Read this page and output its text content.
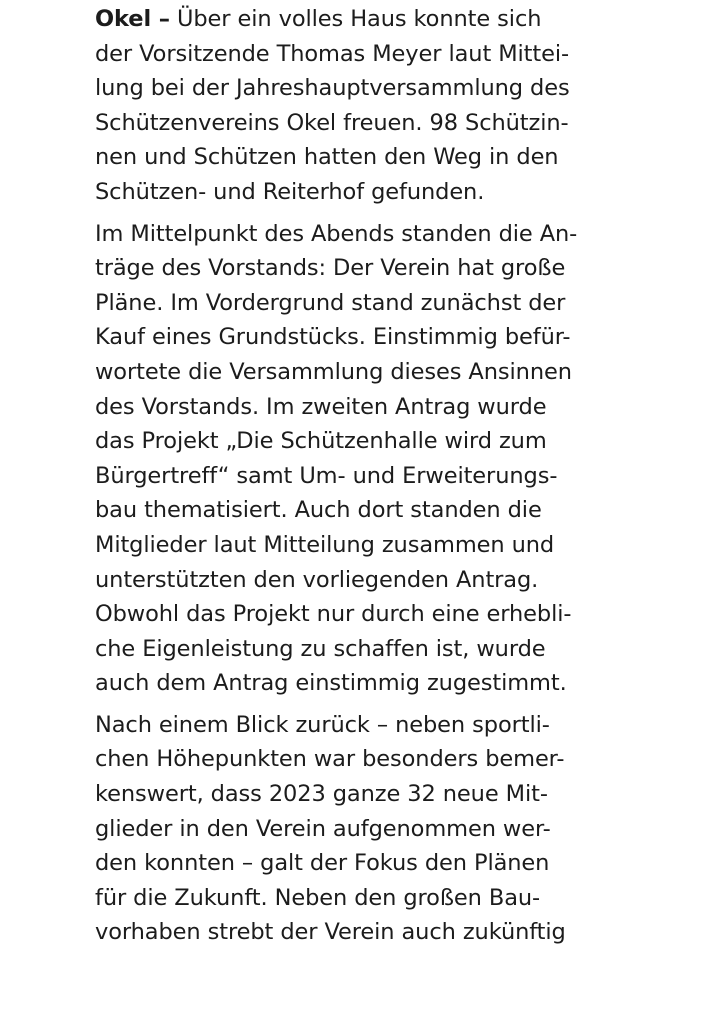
Okel – Über ein volles Haus konnte sich
der Vorsitzende Thomas Meyer laut Mittei-
lung bei der Jahreshauptversammlung des
Schützenvereins Okel freuen. 98 Schützin-
nen und Schützen hatten den Weg in den
Schützen- und Reiterhof gefunden.

Im Mittelpunkt des Abends standen die An-
träge des Vorstands: Der Verein hat große
Pläne. Im Vordergrund stand zunächst der
Kauf eines Grundstücks. Einstimmig befür-
wortete die Versammlung dieses Ansinnen
des Vorstands. Im zweiten Antrag wurde
das Projekt „Die Schützenhalle wird zum
Bürgertreff“ samt Um- und Erweiterungs-
bau thematisiert. Auch dort standen die
Mitglieder laut Mitteilung zusammen und
unterstützten den vorliegenden Antrag.
Obwohl das Projekt nur durch eine erhebli-
che Eigenleistung zu schaffen ist, wurde
auch dem Antrag einstimmig zugestimmt.

Nach einem Blick zurück – neben sportli-
chen Höhepunkten war besonders bemer-
kenswert, dass 2023 ganze 32 neue Mit-
glieder in den Verein aufgenommen wer-
den konnten – galt der Fokus den Plänen
für die Zukunft. Neben den großen Bau-
vorhaben strebt der Verein auch zukünftig
